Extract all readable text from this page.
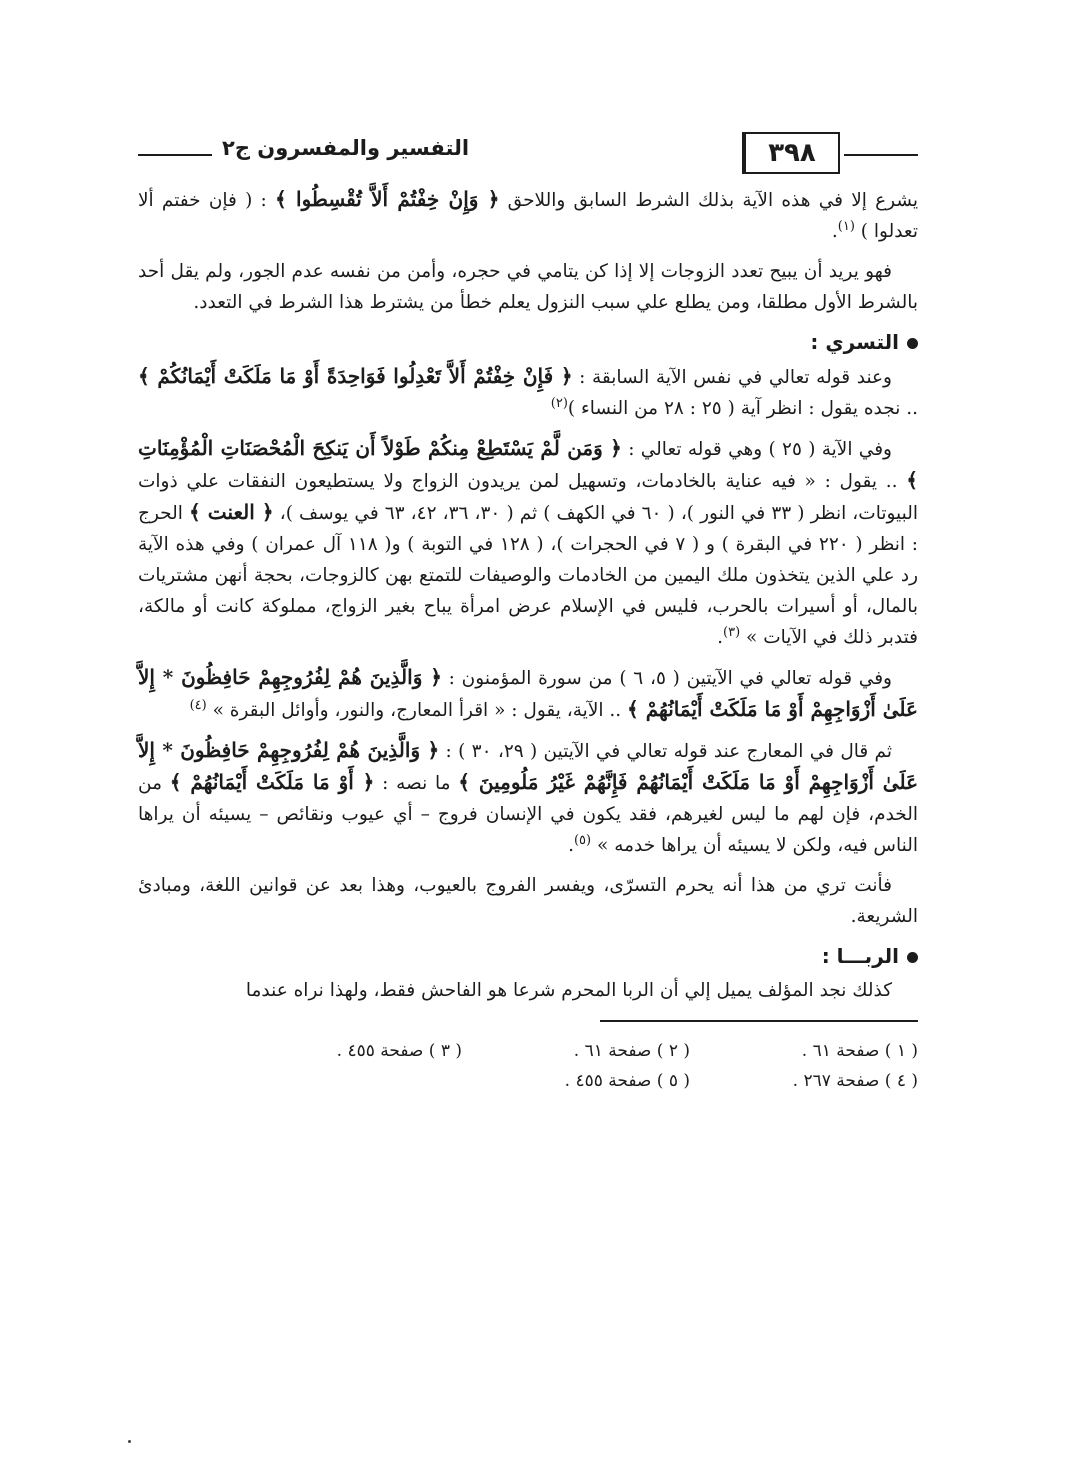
٣٩٨
التفسير والمفسرون ج٢

يشرع إلا في هذه الآية بذلك الشرط السابق واللاحق ﴿ وَإِنْ خِفْتُمْ أَلاَّ تُقْسِطُوا ﴾ : ( فإن خفتم ألا تعدلوا ) $^{(١)}$.

فهو يريد أن يبيح تعدد الزوجات إلا إذا كن يتامي في حجره، وأمن من نفسه عدم الجور، ولم يقل أحد بالشرط الأول مطلقا، ومن يطلع علي سبب النزول يعلم خطأ من يشترط هذا الشرط في التعدد.

التسري :

وعند قوله تعالي في نفس الآية السابقة : ﴿ فَإِنْ خِفْتُمْ أَلاَّ تَعْدِلُوا فَوَاحِدَةً أَوْ مَا مَلَكَتْ أَيْمَانُكُمْ ﴾ .. نجده يقول : انظر آية ( ٢٥ : ٢٨ من النساء )$^{(٢)}$

وفي الآية ( ٢٥ ) وهي قوله تعالي : ﴿ وَمَن لَّمْ يَسْتَطِعْ مِنكُمْ طَوْلاً أَن يَنكِحَ الْمُحْصَنَاتِ الْمُؤْمِنَاتِ ﴾ .. يقول : « فيه عناية بالخادمات، وتسهيل لمن يريدون الزواج ولا يستطيعون النفقات علي ذوات البيوتات، انظر ( ٣٣ في النور )، ( ٦٠ في الكهف ) ثم ( ٣٠، ٣٦، ٤٢، ٦٣ في يوسف )، ﴿ العنت ﴾ الحرج : انظر ( ٢٢٠ في البقرة ) و ( ٧ في الحجرات )، ( ١٢٨ في التوبة ) و( ١١٨ آل عمران ) وفي هذه الآية رد علي الذين يتخذون ملك اليمين من الخادمات والوصيفات للتمتع بهن كالزوجات، بحجة أنهن مشتريات بالمال، أو أسيرات بالحرب، فليس في الإسلام عرض امرأة يباح بغير الزواج، مملوكة كانت أو مالكة، فتدبر ذلك في الآيات » $^{(٣)}$.

وفي قوله تعالي في الآيتين ( ٥، ٦ ) من سورة المؤمنون : ﴿ وَالَّذِينَ هُمْ لِفُرُوجِهِمْ حَافِظُونَ * إِلاَّ عَلَىٰ أَزْوَاجِهِمْ أَوْ مَا مَلَكَتْ أَيْمَانُهُمْ ﴾ .. الآية، يقول : « اقرأ المعارج، والنور، وأوائل البقرة » $^{(٤)}$

ثم قال في المعارج عند قوله تعالي في الآيتين ( ٢٩، ٣٠ ) : ﴿ وَالَّذِينَ هُمْ لِفُرُوجِهِمْ حَافِظُونَ * إِلاَّ عَلَىٰ أَزْوَاجِهِمْ أَوْ مَا مَلَكَتْ أَيْمَانُهُمْ فَإِنَّهُمْ غَيْرُ مَلُومِينَ ﴾ ما نصه : ﴿ أَوْ مَا مَلَكَتْ أَيْمَانُهُمْ ﴾ من الخدم، فإن لهم ما ليس لغيرهم، فقد يكون في الإنسان فروج – أي عيوب ونقائص – يسيئه أن يراها الناس فيه، ولكن لا يسيئه أن يراها خدمه » $^{(٥)}$.

فأنت تري من هذا أنه يحرم التسرّى، ويفسر الفروج بالعيوب، وهذا بعد عن قوانين اللغة، ومبادئ الشريعة.

الربـــا :

كذلك نجد المؤلف يميل إلي أن الربا المحرم شرعا هو الفاحش فقط، ولهذا نراه عندما

( ١ ) صفحة ٦١ .
( ٢ ) صفحة ٦١ .
( ٣ ) صفحة ٤٥٥ .
( ٤ ) صفحة ٢٦٧ .
( ٥ ) صفحة ٤٥٥ .
